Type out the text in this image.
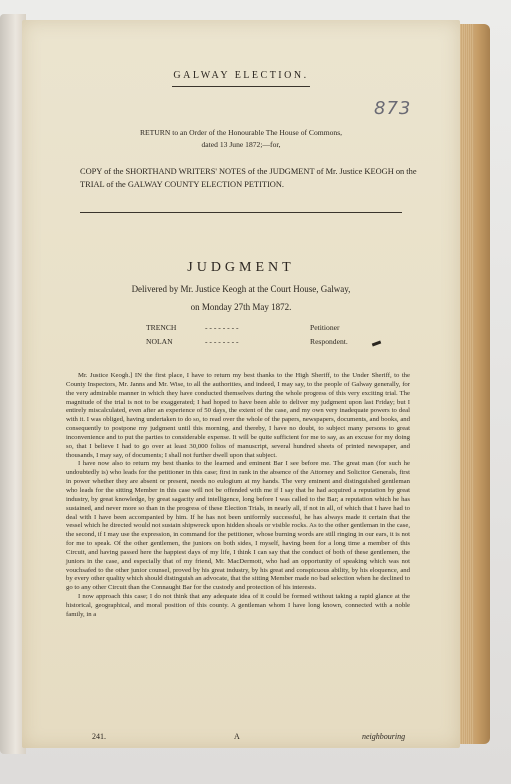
GALWAY ELECTION.
873
RETURN to an Order of the Honourable The House of Commons,
dated 13 June 1872;—for,
COPY of the SHORTHAND WRITERS' NOTES of the JUDGMENT of Mr. Justice KEOGH on the TRIAL of the GALWAY COUNTY ELECTION PETITION.
JUDGMENT
Delivered by Mr. Justice Keogh at the Court House, Galway,
on Monday 27th May 1872.
TRENCH	- - - - - - - -	Petitioner
NOLAN	- - - - - - - -	Respondent.

Mr. Justice Keogh.] IN the first place, I have to return my best thanks to the High Sheriff, to the Under Sheriff, to the County Inspectors, Mr. Janns and Mr. Wise, to all the authorities, and indeed, I may say, to the people of Galway generally, for the very admirable manner in which they have conducted themselves during the whole progress of this very exciting trial. The magnitude of the trial is not to be exaggerated; I had hoped to have been able to deliver my judgment upon last Friday; but I entirely miscalculated, even after an experience of 50 days, the extent of the case, and my own very inadequate powers to deal with it. I was obliged, having undertaken to do so, to read over the whole of the papers, newspapers, documents, and books, and consequently to postpone my judgment until this morning, and thereby, I have no doubt, to subject many persons to great inconvenience and to put the parties to considerable expense. It will be quite sufficient for me to say, as an excuse for my doing so, that I believe I had to go over at least 30,000 folios of manuscript, several hundred sheets of printed newspaper, and thousands, I may say, of documents; I shall not further dwell upon that subject.

I have now also to return my best thanks to the learned and eminent Bar I see before me. The great man (for such he undoubtedly is) who leads for the petitioner in this case; first in rank in the absence of the Attorney and Solicitor Generals, first in power whether they are absent or present, needs no eulogium at my hands. The very eminent and distinguished gentleman who leads for the sitting Member in this case will not be offended with me if I say that he had acquired a reputation by great industry, by great knowledge, by great sagacity and intelligence, long before I was called to the Bar; a reputation which he has sustained, and never more so than in the progress of these Election Trials, in nearly all, if not in all, of which that I have had to deal with I have been accompanied by him. If he has not been uniformly successful, he has always made it certain that the vessel which he directed would not sustain shipwreck upon hidden shoals or visible rocks. As to the other gentleman in the case, the second, if I may use the expression, in command for the petitioner, whose burning words are still ringing in our ears, it is not for me to speak. Of the other gentlemen, the juniors on both sides, I myself, having been for a long time a member of this Circuit, and having passed here the happiest days of my life, I think I can say that the conduct of both of these gentlemen, the juniors in the case, and especially that of my friend, Mr. MacDermott, who had an opportunity of speaking which was not vouchsafed to the other junior counsel, proved by his great industry, by his great and conspicuous ability, by his eloquence, and by every other quality which should distinguish an advocate, that the sitting Member made no bad selection when he declined to go to any other Circuit than the Connaught Bar for the custody and protection of his interests.

I now approach this case; I do not think that any adequate idea of it could be formed without taking a rapid glance at the historical, geographical, and moral position of this county. A gentleman whom I have long known, connected with a noble family, in a

241.	A	neighbouring
